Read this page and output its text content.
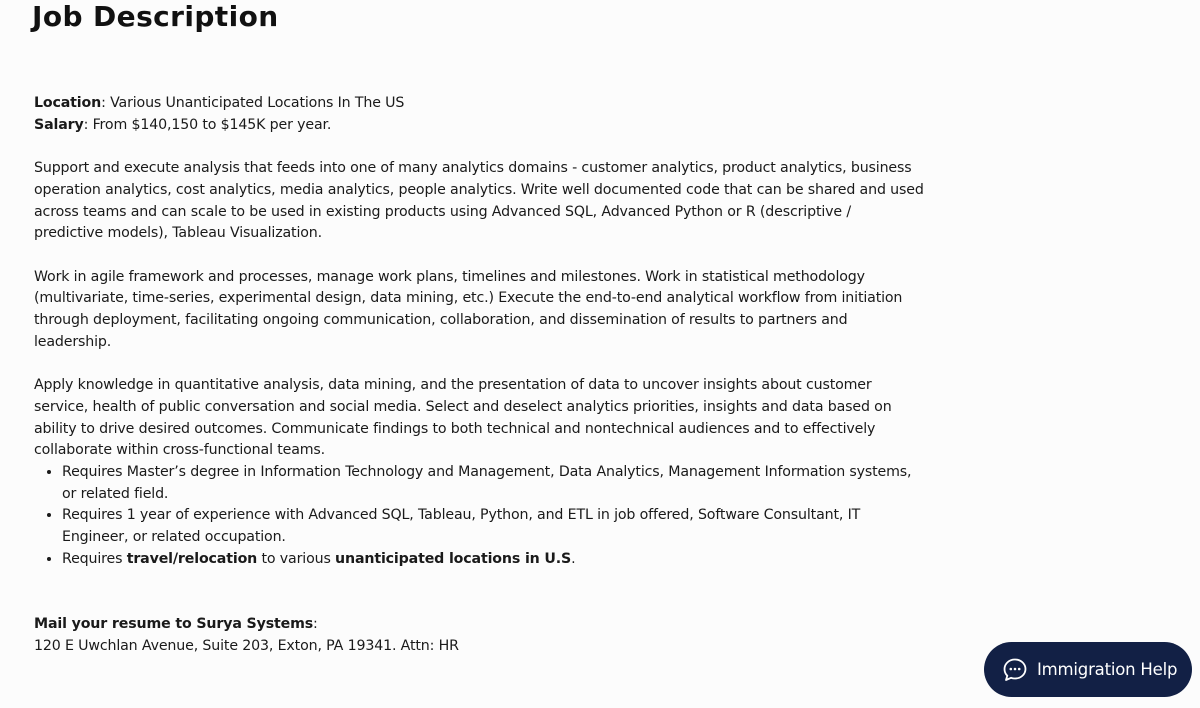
Job Description

Location: Various Unanticipated Locations In The US

Salary: From $140,150 to $145K per year.

Support and execute analysis that feeds into one of many analytics domains - customer analytics, product analytics, business operation analytics, cost analytics, media analytics, people analytics. Write well documented code that can be shared and used across teams and can scale to be used in existing products using Advanced SQL, Advanced Python or R (descriptive / predictive models), Tableau Visualization.

Work in agile framework and processes, manage work plans, timelines and milestones. Work in statistical methodology (multivariate, time-series, experimental design, data mining, etc.) Execute the end-to-end analytical workflow from initiation through deployment, facilitating ongoing communication, collaboration, and dissemination of results to partners and leadership.

Apply knowledge in quantitative analysis, data mining, and the presentation of data to uncover insights about customer service, health of public conversation and social media. Select and deselect analytics priorities, insights and data based on ability to drive desired outcomes. Communicate findings to both technical and nontechnical audiences and to effectively collaborate within cross-functional teams.

• Requires Master’s degree in Information Technology and Management, Data Analytics, Management Information systems, or related field.
• Requires 1 year of experience with Advanced SQL, Tableau, Python, and ETL in job offered, Software Consultant, IT Engineer, or related occupation.
• Requires travel/relocation to various unanticipated locations in U.S.

Mail your resume to Surya Systems:

120 E Uwchlan Avenue, Suite 203, Exton, PA 19341. Attn: HR

Immigration Help
